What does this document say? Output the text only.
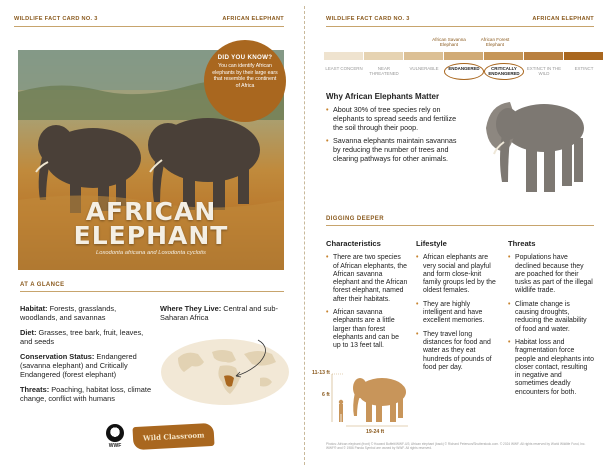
WILDLIFE FACT CARD NO. 3	AFRICAN ELEPHANT
AFRICAN
ELEPHANT
Loxodonta africana and Loxodonta cyclotis
DID YOU KNOW?
You can identify African elephants by their large ears that resemble the continent of Africa
AT A GLANCE

Habitat: Forests, grasslands, woodlands, and savannas

Diet: Grasses, tree bark, fruit, leaves, and seeds

Conservation Status: Endangered (savanna elephant) and Critically Endangered (forest elephant)

Threats: Poaching, habitat loss, climate change, conflict with humans

Where They Live: Central and sub-Saharan Africa
WWF
Wild Classroom
WILDLIFE FACT CARD NO. 3	AFRICAN ELEPHANT
African Savanna Elephant
African Forest Elephant
LEAST CONCERN	NEAR THREATENED
VULNERABLE	ENDANGERED	CRITICALLY ENDANGERED
EXTINCT IN THE WILD
EXTINCT
Why African Elephants Matter
• About 30% of tree species rely on elephants to spread seeds and fertilize the soil through their poop.
• Savanna elephants maintain savannas by reducing the number of trees and clearing pathways for other animals.
DIGGING DEEPER
Characteristics
• There are two species of African elephants, the African savanna elephant and the African forest elephant, named after their habitats.
• African savanna elephants are a little larger than forest elephants and can be up to 13 feet tall.
Lifestyle
• African elephants are very social and playful and form close-knit family groups led by the oldest females.
• They are highly intelligent and have excellent memories.
• They travel long distances for food and water as they eat hundreds of pounds of food per day.
Threats
• Populations have declined because they are poached for their tusks as part of the illegal wildlife trade.
• Climate change is causing droughts, reducing the availability of food and water.
• Habitat loss and fragmentation force people and elephants into closer contact, resulting in negative and sometimes deadly encounters for both.
11-13 ft
6 ft
19-24 ft
Photos: African elephant (front) © Howard Buffett/WWF-US; African elephant (back) © Richard Peterson/Shutterstock.com. © 2024 WWF. All rights reserved by World Wildlife Fund, Inc. WWF® and © 1986 Panda Symbol are owned by WWF. All rights reserved.
